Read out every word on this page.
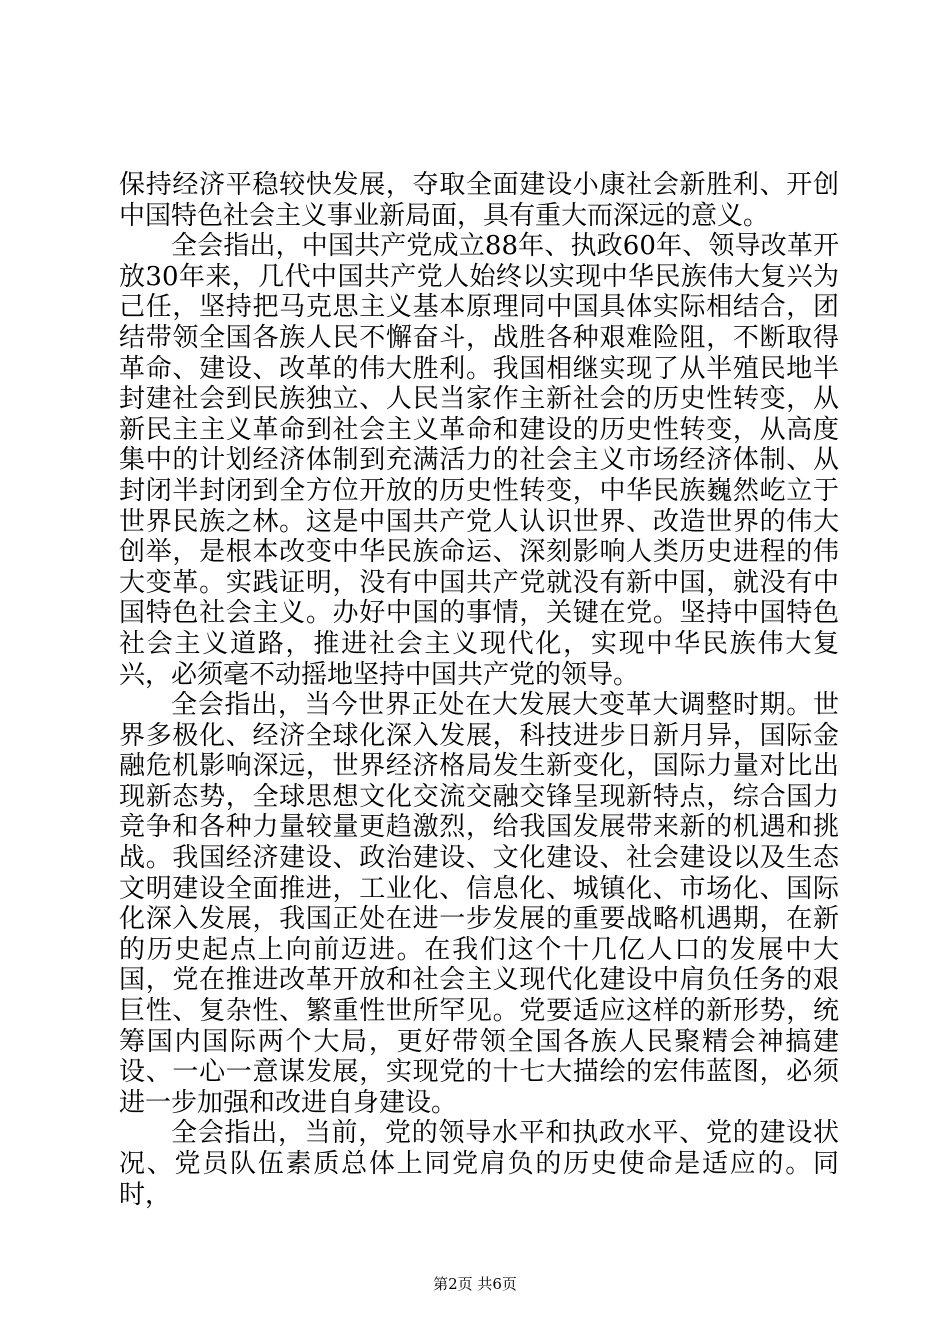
保持经济平稳较快发展，夺取全面建设小康社会新胜利、开创中国特色社会主义事业新局面，具有重大而深远的意义。

全会指出，中国共产党成立88年、执政60年、领导改革开放30年来，几代中国共产党人始终以实现中华民族伟大复兴为己任，坚持把马克思主义基本原理同中国具体实际相结合，团结带领全国各族人民不懈奋斗，战胜各种艰难险阻，不断取得革命、建设、改革的伟大胜利。我国相继实现了从半殖民地半封建社会到民族独立、人民当家作主新社会的历史性转变，从新民主主义革命到社会主义革命和建设的历史性转变，从高度集中的计划经济体制到充满活力的社会主义市场经济体制、从封闭半封闭到全方位开放的历史性转变，中华民族巍然屹立于世界民族之林。这是中国共产党人认识世界、改造世界的伟大创举，是根本改变中华民族命运、深刻影响人类历史进程的伟大变革。实践证明，没有中国共产党就没有新中国，就没有中国特色社会主义。办好中国的事情，关键在党。坚持中国特色社会主义道路，推进社会主义现代化，实现中华民族伟大复兴，必须毫不动摇地坚持中国共产党的领导。

全会指出，当今世界正处在大发展大变革大调整时期。世界多极化、经济全球化深入发展，科技进步日新月异，国际金融危机影响深远，世界经济格局发生新变化，国际力量对比出现新态势，全球思想文化交流交融交锋呈现新特点，综合国力竞争和各种力量较量更趋激烈，给我国发展带来新的机遇和挑战。我国经济建设、政治建设、文化建设、社会建设以及生态文明建设全面推进，工业化、信息化、城镇化、市场化、国际化深入发展，我国正处在进一步发展的重要战略机遇期，在新的历史起点上向前迈进。在我们这个十几亿人口的发展中大国，党在推进改革开放和社会主义现代化建设中肩负任务的艰巨性、复杂性、繁重性世所罕见。党要适应这样的新形势，统筹国内国际两个大局，更好带领全国各族人民聚精会神搞建设、一心一意谋发展，实现党的十七大描绘的宏伟蓝图，必须进一步加强和改进自身建设。

全会指出，当前，党的领导水平和执政水平、党的建设状况、党员队伍素质总体上同党肩负的历史使命是适应的。同时，

第2页 共6页
